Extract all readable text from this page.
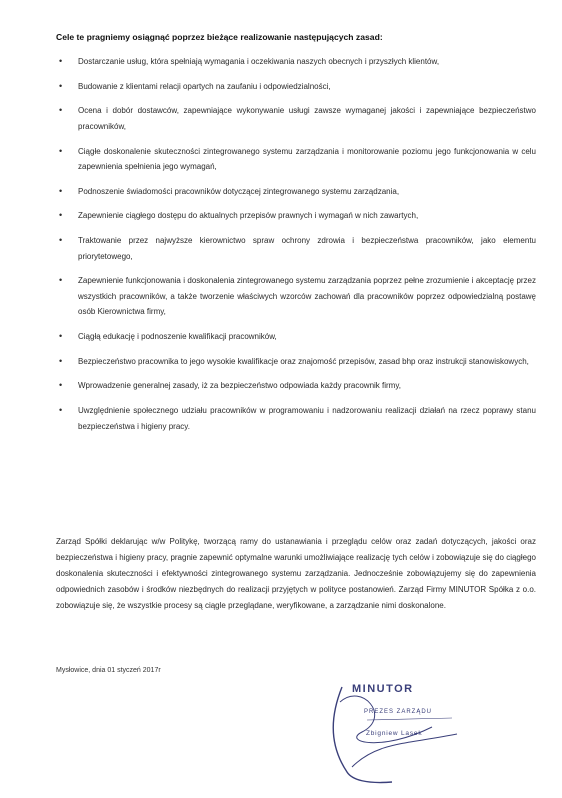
Cele te pragniemy osiągnąć poprzez bieżące realizowanie następujących zasad:
• Dostarczanie usług, która spełniają wymagania i oczekiwania naszych obecnych i przyszłych klientów,
• Budowanie z klientami relacji opartych na zaufaniu i odpowiedzialności,
• Ocena i dobór dostawców, zapewniające wykonywanie usługi zawsze wymaganej jakości i zapewniające bezpieczeństwo pracowników,
• Ciągłe doskonalenie skuteczności zintegrowanego systemu zarządzania i monitorowanie poziomu jego funkcjonowania w celu zapewnienia spełnienia jego wymagań,
• Podnoszenie świadomości pracowników dotyczącej zintegrowanego systemu zarządzania,
• Zapewnienie ciągłego dostępu do aktualnych przepisów prawnych i wymagań w nich zawartych,
• Traktowanie przez najwyższe kierownictwo spraw ochrony zdrowia i bezpieczeństwa pracowników, jako elementu priorytetowego,
• Zapewnienie funkcjonowania i doskonalenia zintegrowanego systemu zarządzania poprzez pełne zrozumienie i akceptację przez wszystkich pracowników, a także tworzenie właściwych wzorców zachowań dla pracowników poprzez odpowiedzialną postawę osób Kierownictwa firmy,
• Ciągłą edukację i podnoszenie kwalifikacji pracowników,
• Bezpieczeństwo pracownika to jego wysokie kwalifikacje oraz znajomość przepisów, zasad bhp oraz instrukcji stanowiskowych,
• Wprowadzenie generalnej zasady, iż za bezpieczeństwo odpowiada każdy pracownik firmy,
• Uwzględnienie społecznego udziału pracowników w programowaniu i nadzorowaniu realizacji działań na rzecz poprawy stanu bezpieczeństwa i higieny pracy.
Zarząd Spółki deklarując w/w Politykę, tworzącą ramy do ustanawiania i przeglądu celów oraz zadań dotyczących, jakości oraz bezpieczeństwa i higieny pracy, pragnie zapewnić optymalne warunki umożliwiające realizację tych celów i zobowiązuje się do ciągłego doskonalenia skuteczności i efektywności zintegrowanego systemu zarządzania. Jednocześnie zobowiązujemy się do zapewnienia odpowiednich zasobów i środków niezbędnych do realizacji przyjętych w polityce postanowień. Zarząd Firmy MINUTOR Spółka z o.o. zobowiązuje się, że wszystkie procesy są ciągle przeglądane, weryfikowane, a zarządzanie nimi doskonalone.
Mysłowice, dnia 01 styczeń 2017r
MINUTOR
PREZES ZARZĄDU
Zbigniew Lasek
